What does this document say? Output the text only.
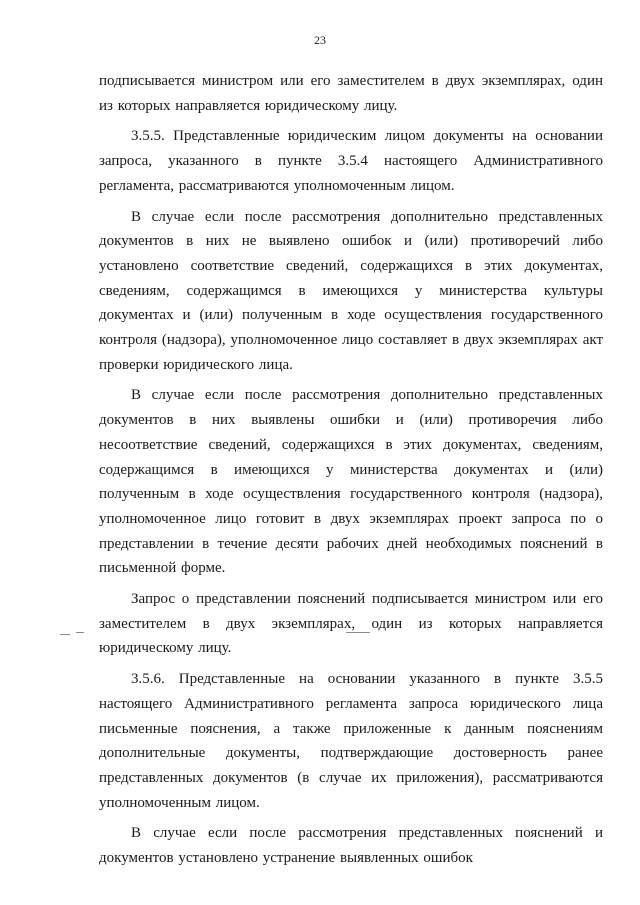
23

подписывается министром или его заместителем в двух экземплярах, один из которых направляется юридическому лицу.

3.5.5. Представленные юридическим лицом документы на основании запроса, указанного в пункте 3.5.4 настоящего Административного регламента, рассматриваются уполномоченным лицом.

В случае если после рассмотрения дополнительно представленных документов в них не выявлено ошибок и (или) противоречий либо установлено соответствие сведений, содержащихся в этих документах, сведениям, содержащимся в имеющихся у министерства культуры документах и (или) полученным в ходе осуществления государственного контроля (надзора), уполномоченное лицо составляет в двух экземплярах акт проверки юридического лица.

В случае если после рассмотрения дополнительно представленных документов в них выявлены ошибки и (или) противоречия либо несоответствие сведений, содержащихся в этих документах, сведениям, содержащимся в имеющихся у министерства документах и (или) полученным в ходе осуществления государственного контроля (надзора), уполномоченное лицо готовит в двух экземплярах проект запроса по о представлении в течение десяти рабочих дней необходимых пояснений в письменной форме.

Запрос о представлении пояснений подписывается министром или его заместителем в двух экземплярах, один из которых направляется юридическому лицу.

3.5.6. Представленные на основании указанного в пункте 3.5.5 настоящего Административного регламента запроса юридического лица письменные пояснения, а также приложенные к данным пояснениям дополнительные документы, подтверждающие достоверность ранее представленных документов (в случае их приложения), рассматриваются уполномоченным лицом.

В случае если после рассмотрения представленных пояснений и документов установлено устранение выявленных ошибок
